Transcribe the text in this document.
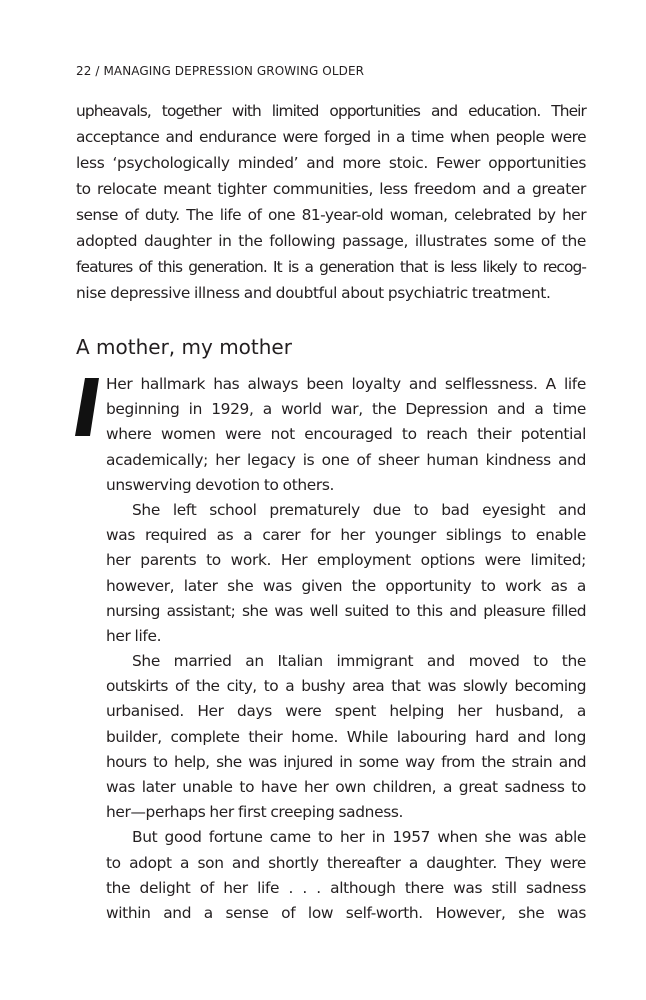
22 / MANAGING DEPRESSION GROWING OLDER
upheavals, together with limited opportunities and education. Their
acceptance and endurance were forged in a time when people were
less ‘psychologically minded’ and more stoic. Fewer opportunities
to relocate meant tighter communities, less freedom and a greater
sense of duty. The life of one 81-year-old woman, celebrated by her
adopted daughter in the following passage, illustrates some of the
features of this generation. It is a generation that is less likely to recog-
nise depressive illness and doubtful about psychiatric treatment.
A mother, my mother
Her hallmark has always been loyalty and selflessness. A life
beginning in 1929, a world war, the Depression and a time
where women were not encouraged to reach their potential
academically; her legacy is one of sheer human kindness and
unswerving devotion to others.
She left school prematurely due to bad eyesight and
was required as a carer for her younger siblings to enable
her parents to work. Her employment options were limited;
however, later she was given the opportunity to work as a
nursing assistant; she was well suited to this and pleasure filled
her life.
She married an Italian immigrant and moved to the
outskirts of the city, to a bushy area that was slowly becoming
urbanised. Her days were spent helping her husband, a
builder, complete their home. While labouring hard and long
hours to help, she was injured in some way from the strain and
was later unable to have her own children, a great sadness to
her—perhaps her first creeping sadness.
But good fortune came to her in 1957 when she was able
to adopt a son and shortly thereafter a daughter. They were
the delight of her life . . . although there was still sadness
within and a sense of low self-worth. However, she was
